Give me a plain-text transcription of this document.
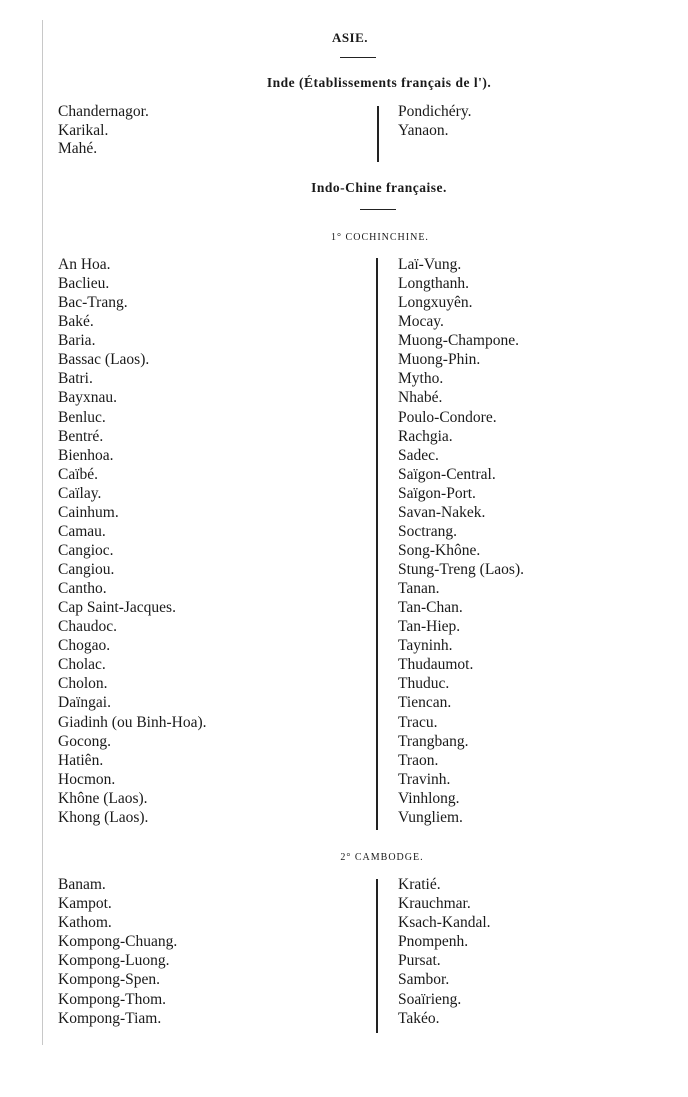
ASIE.
Inde (Établissements français de l').
Chandernagor.
Karikal.
Mahé.
Pondichéry.
Yanaon.
Indo-Chine française.
1° COCHINCHINE.
An Hoa.
Baclieu.
Bac-Trang.
Baké.
Baria.
Bassac (Laos).
Batri.
Bayxnau.
Benluc.
Bentré.
Bienhoa.
Caïbé.
Caïlay.
Cainhum.
Camau.
Cangioc.
Cangiou.
Cantho.
Cap Saint-Jacques.
Chaudoc.
Chogao.
Cholac.
Cholon.
Daïngai.
Giadinh (ou Binh-Hoa).
Gocong.
Hatiên.
Hocmon.
Khône (Laos).
Khong (Laos).
Laï-Vung.
Longthanh.
Longxuyên.
Mocay.
Muong-Champone.
Muong-Phin.
Mytho.
Nhabé.
Poulo-Condore.
Rachgia.
Sadec.
Saïgon-Central.
Saïgon-Port.
Savan-Nakek.
Soctrang.
Song-Khône.
Stung-Treng (Laos).
Tanan.
Tan-Chan.
Tan-Hiep.
Tayninh.
Thudaumot.
Thuduc.
Tiencan.
Tracu.
Trangbang.
Traon.
Travinh.
Vinhlong.
Vungliem.
2° CAMBODGE.
Banam.
Kampot.
Kathom.
Kompong-Chuang.
Kompong-Luong.
Kompong-Spen.
Kompong-Thom.
Kompong-Tiam.
Kratié.
Krauchmar.
Ksach-Kandal.
Pnompenh.
Pursat.
Sambor.
Soaïrieng.
Takéo.
